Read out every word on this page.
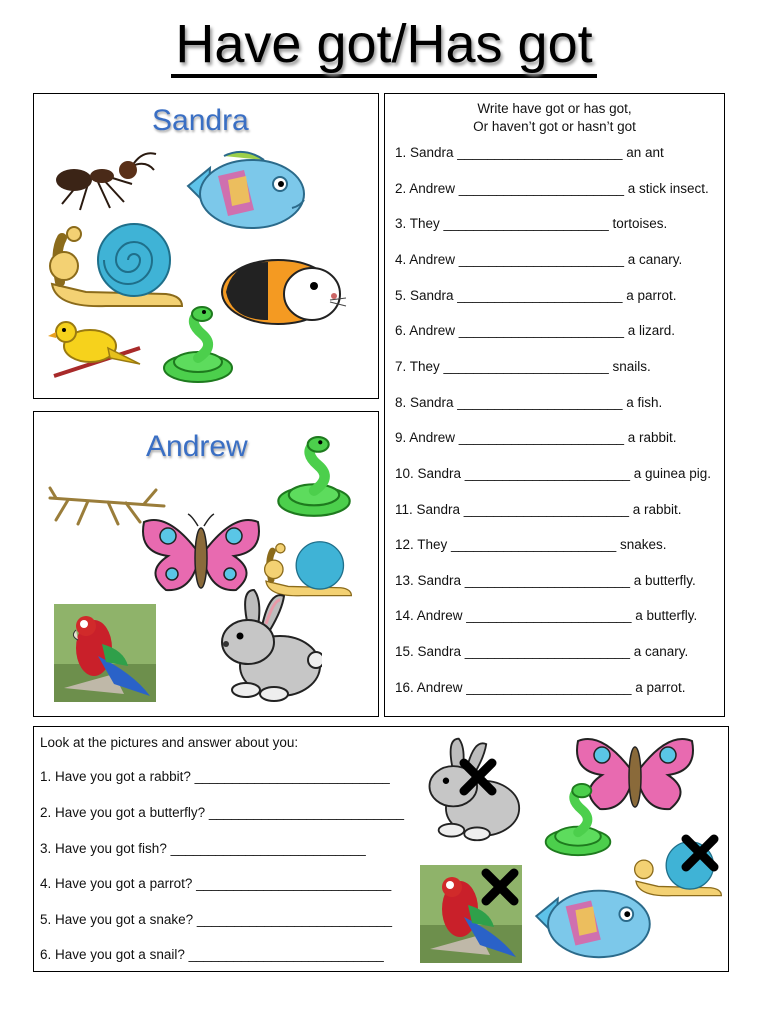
Have got/Has got
Sandra
Andrew
Write have got or has got,
Or haven’t got or hasn’t got
1. Sandra ______________________ an ant
2. Andrew ______________________ a stick insect.
3. They ______________________ tortoises.
4. Andrew ______________________ a canary.
5. Sandra ______________________ a parrot.
6. Andrew ______________________ a lizard.
7. They ______________________ snails.
8. Sandra ______________________ a fish.
9. Andrew ______________________ a rabbit.
10. Sandra ______________________ a guinea pig.
11. Sandra ______________________ a rabbit.
12. They ______________________ snakes.
13. Sandra ______________________ a butterfly.
14. Andrew ______________________ a butterfly.
15. Sandra ______________________ a canary.
16. Andrew ______________________ a parrot.
Look at the pictures and answer about you:
1. Have you got a rabbit? __________________________
2. Have you got a butterfly? __________________________
3. Have you got fish? __________________________
4. Have you got a parrot? __________________________
5. Have you got a snake? __________________________
6. Have you got a snail? __________________________
